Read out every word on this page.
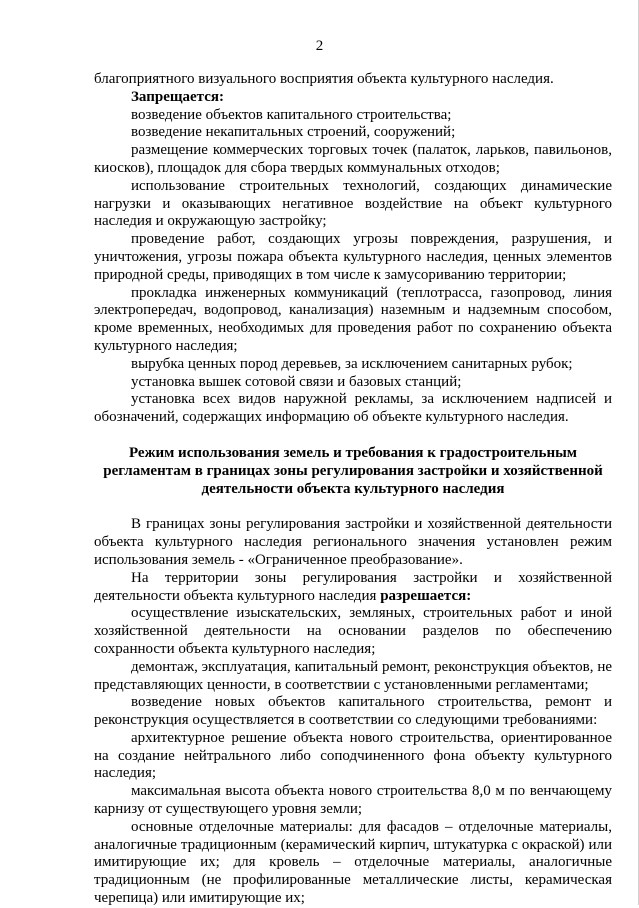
2

благоприятного визуального восприятия объекта культурного наследия.

Запрещается:

возведение объектов капитального строительства;

возведение некапитальных строений, сооружений;

размещение коммерческих торговых точек (палаток, ларьков, павильонов, киосков), площадок для сбора твердых коммунальных отходов;

использование строительных технологий, создающих динамические нагрузки и оказывающих негативное воздействие на объект культурного наследия и окружающую застройку;

проведение работ, создающих угрозы повреждения, разрушения, и уничтожения, угрозы пожара объекта культурного наследия, ценных элементов природной среды, приводящих в том числе к замусориванию территории;

прокладка инженерных коммуникаций (теплотрасса, газопровод, линия электропередач, водопровод, канализация) наземным и надземным способом, кроме временных, необходимых для проведения работ по сохранению объекта культурного наследия;

вырубка ценных пород деревьев, за исключением санитарных рубок;

установка вышек сотовой связи и базовых станций;

установка всех видов наружной рекламы, за исключением надписей и обозначений, содержащих информацию об объекте культурного наследия.

Режим использования земель и требования к градостроительным регламентам в границах зоны регулирования застройки и хозяйственной деятельности объекта культурного наследия

В границах зоны регулирования застройки и хозяйственной деятельности объекта культурного наследия регионального значения установлен режим использования земель - «Ограниченное преобразование».

На территории зоны регулирования застройки и хозяйственной деятельности объекта культурного наследия разрешается:

осуществление изыскательских, земляных, строительных работ и иной хозяйственной деятельности на основании разделов по обеспечению сохранности объекта культурного наследия;

демонтаж, эксплуатация, капитальный ремонт, реконструкция объектов, не представляющих ценности, в соответствии с установленными регламентами;

возведение новых объектов капитального строительства, ремонт и реконструкция осуществляется в соответствии со следующими требованиями:

архитектурное решение объекта нового строительства, ориентированное на создание нейтрального либо соподчиненного фона объекту культурного наследия;

максимальная высота объекта нового строительства 8,0 м по венчающему карнизу от существующего уровня земли;

основные отделочные материалы: для фасадов – отделочные материалы, аналогичные традиционным (керамический кирпич, штукатурка с окраской) или имитирующие их; для кровель – отделочные материалы, аналогичные традиционным (не профилированные металлические листы, керамическая черепица) или имитирующие их;
